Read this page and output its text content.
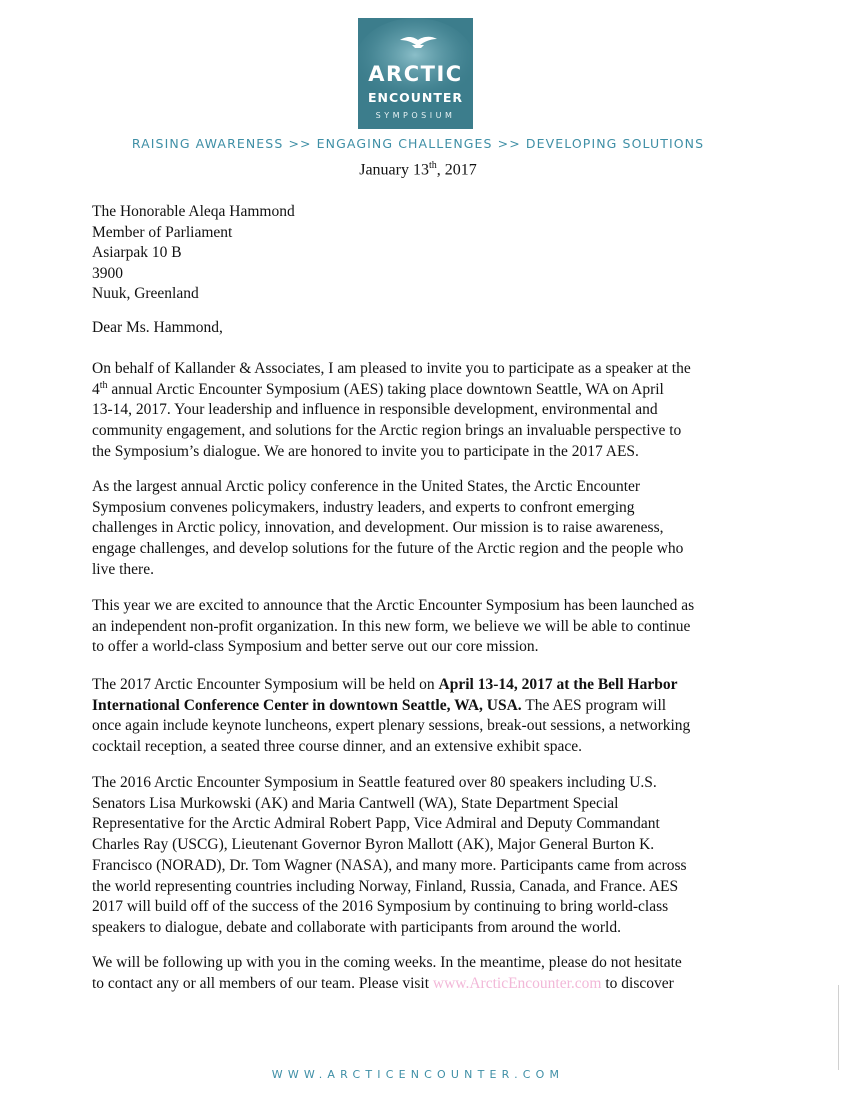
ARCTIC
ENCOUNTER
SYMPOSIUM
RAISING AWARENESS >> ENGAGING CHALLENGES >> DEVELOPING SOLUTIONS
January 13th, 2017
The Honorable Aleqa Hammond
Member of Parliament
Asiarpak 10 B
3900
Nuuk, Greenland
Dear Ms. Hammond,
On behalf of Kallander & Associates, I am pleased to invite you to participate as a speaker at the
4th annual Arctic Encounter Symposium (AES) taking place downtown Seattle, WA on April
13-14, 2017. Your leadership and influence in responsible development, environmental and
community engagement, and solutions for the Arctic region brings an invaluable perspective to
the Symposium’s dialogue. We are honored to invite you to participate in the 2017 AES.
As the largest annual Arctic policy conference in the United States, the Arctic Encounter
Symposium convenes policymakers, industry leaders, and experts to confront emerging
challenges in Arctic policy, innovation, and development. Our mission is to raise awareness,
engage challenges, and develop solutions for the future of the Arctic region and the people who
live there.
This year we are excited to announce that the Arctic Encounter Symposium has been launched as
an independent non-profit organization. In this new form, we believe we will be able to continue
to offer a world-class Symposium and better serve out our core mission.
The 2017 Arctic Encounter Symposium will be held on April 13-14, 2017 at the Bell Harbor
International Conference Center in downtown Seattle, WA, USA. The AES program will
once again include keynote luncheons, expert plenary sessions, break-out sessions, a networking
cocktail reception, a seated three course dinner, and an extensive exhibit space.
The 2016 Arctic Encounter Symposium in Seattle featured over 80 speakers including U.S.
Senators Lisa Murkowski (AK) and Maria Cantwell (WA), State Department Special
Representative for the Arctic Admiral Robert Papp, Vice Admiral and Deputy Commandant
Charles Ray (USCG), Lieutenant Governor Byron Mallott (AK), Major General Burton K.
Francisco (NORAD), Dr. Tom Wagner (NASA), and many more. Participants came from across
the world representing countries including Norway, Finland, Russia, Canada, and France. AES
2017 will build off of the success of the 2016 Symposium by continuing to bring world-class
speakers to dialogue, debate and collaborate with participants from around the world.
We will be following up with you in the coming weeks. In the meantime, please do not hesitate
to contact any or all members of our team. Please visit www.ArcticEncounter.com to discover
WWW.ARCTICENCOUNTER.COM
